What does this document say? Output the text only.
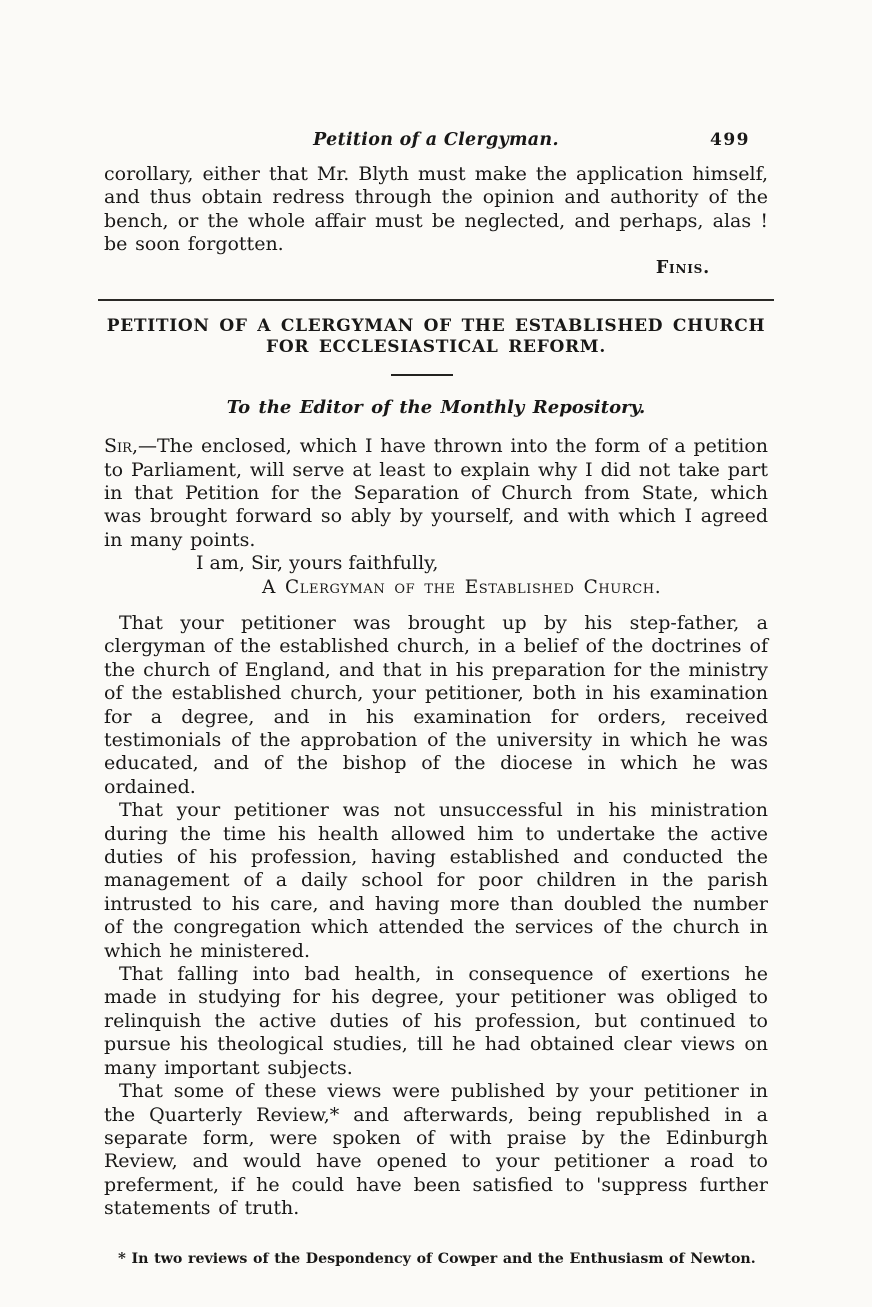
Petition of a Clergyman.	499

corollary, either that Mr. Blyth must make the application himself, and thus obtain redress through the opinion and authority of the bench, or the whole affair must be neglected, and perhaps, alas ! be soon forgotten.

Finis.
PETITION OF A CLERGYMAN OF THE ESTABLISHED CHURCH
FOR ECCLESIASTICAL REFORM.

To the Editor of the Monthly Repository.

Sir,—The enclosed, which I have thrown into the form of a petition to Parliament, will serve at least to explain why I did not take part in that Petition for the Separation of Church from State, which was brought forward so ably by yourself, and with which I agreed in many points.

I am, Sir, yours faithfully,

A Clergyman of the Established Church.

That your petitioner was brought up by his step-father, a clergyman of the established church, in a belief of the doctrines of the church of England, and that in his preparation for the ministry of the established church, your petitioner, both in his examination for a degree, and in his examination for orders, received testimonials of the approbation of the university in which he was educated, and of the bishop of the diocese in which he was ordained.

That your petitioner was not unsuccessful in his ministration during the time his health allowed him to undertake the active duties of his profession, having established and conducted the management of a daily school for poor children in the parish intrusted to his care, and having more than doubled the number of the congregation which attended the services of the church in which he ministered.

That falling into bad health, in consequence of exertions he made in studying for his degree, your petitioner was obliged to relinquish the active duties of his profession, but continued to pursue his theological studies, till he had obtained clear views on many important subjects.

That some of these views were published by your petitioner in the Quarterly Review,* and afterwards, being republished in a separate form, were spoken of with praise by the Edinburgh Review, and would have opened to your petitioner a road to preferment, if he could have been satisfied to 'suppress further statements of truth.

* In two reviews of the Despondency of Cowper and the Enthusiasm of Newton.
